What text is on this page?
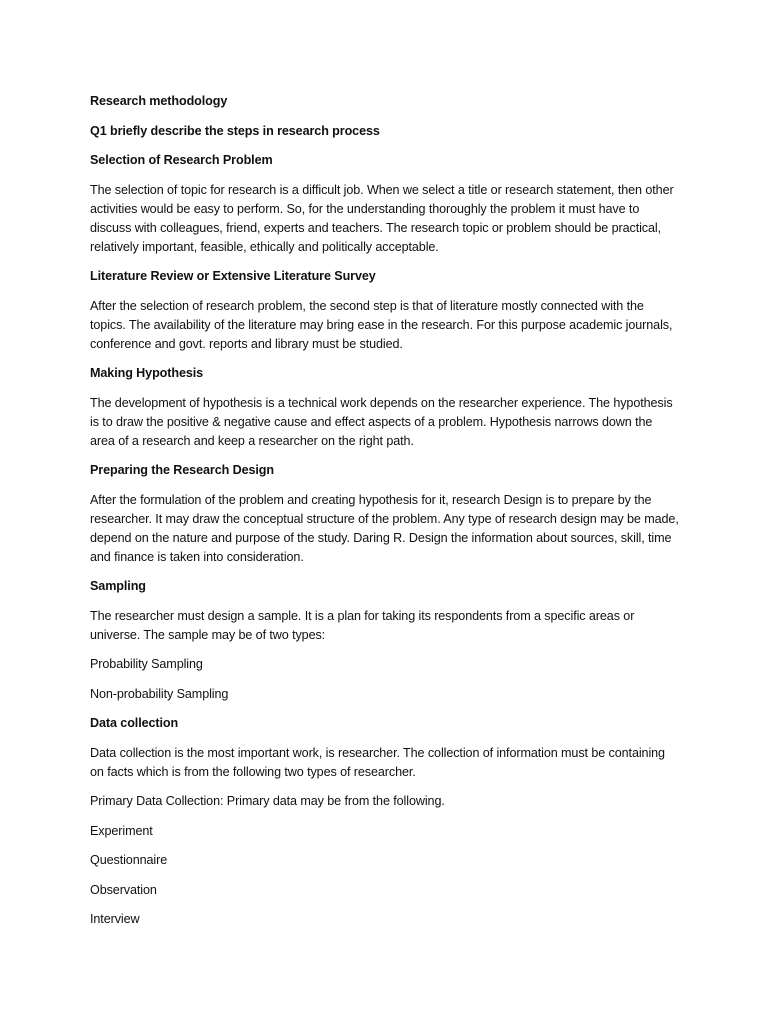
Research methodology

Q1 briefly describe the steps in research process

Selection of Research Problem

The selection of topic for research is a difficult job. When we select a title or research statement, then other activities would be easy to perform. So, for the understanding thoroughly the problem it must have to discuss with colleagues, friend, experts and teachers. The research topic or problem should be practical, relatively important, feasible, ethically and politically acceptable.

Literature Review or Extensive Literature Survey

After the selection of research problem, the second step is that of literature mostly connected with the topics. The availability of the literature may bring ease in the research. For this purpose academic journals, conference and govt. reports and library must be studied.

Making Hypothesis

The development of hypothesis is a technical work depends on the researcher experience. The hypothesis is to draw the positive & negative cause and effect aspects of a problem. Hypothesis narrows down the area of a research and keep a researcher on the right path.

Preparing the Research Design

After the formulation of the problem and creating hypothesis for it, research Design is to prepare by the researcher. It may draw the conceptual structure of the problem. Any type of research design may be made, depend on the nature and purpose of the study. Daring R. Design the information about sources, skill, time and finance is taken into consideration.

Sampling

The researcher must design a sample. It is a plan for taking its respondents from a specific areas or universe. The sample may be of two types:

Probability Sampling

Non-probability Sampling

Data collection

Data collection is the most important work, is researcher. The collection of information must be containing on facts which is from the following two types of researcher.

Primary Data Collection: Primary data may be from the following.

Experiment

Questionnaire

Observation

Interview
